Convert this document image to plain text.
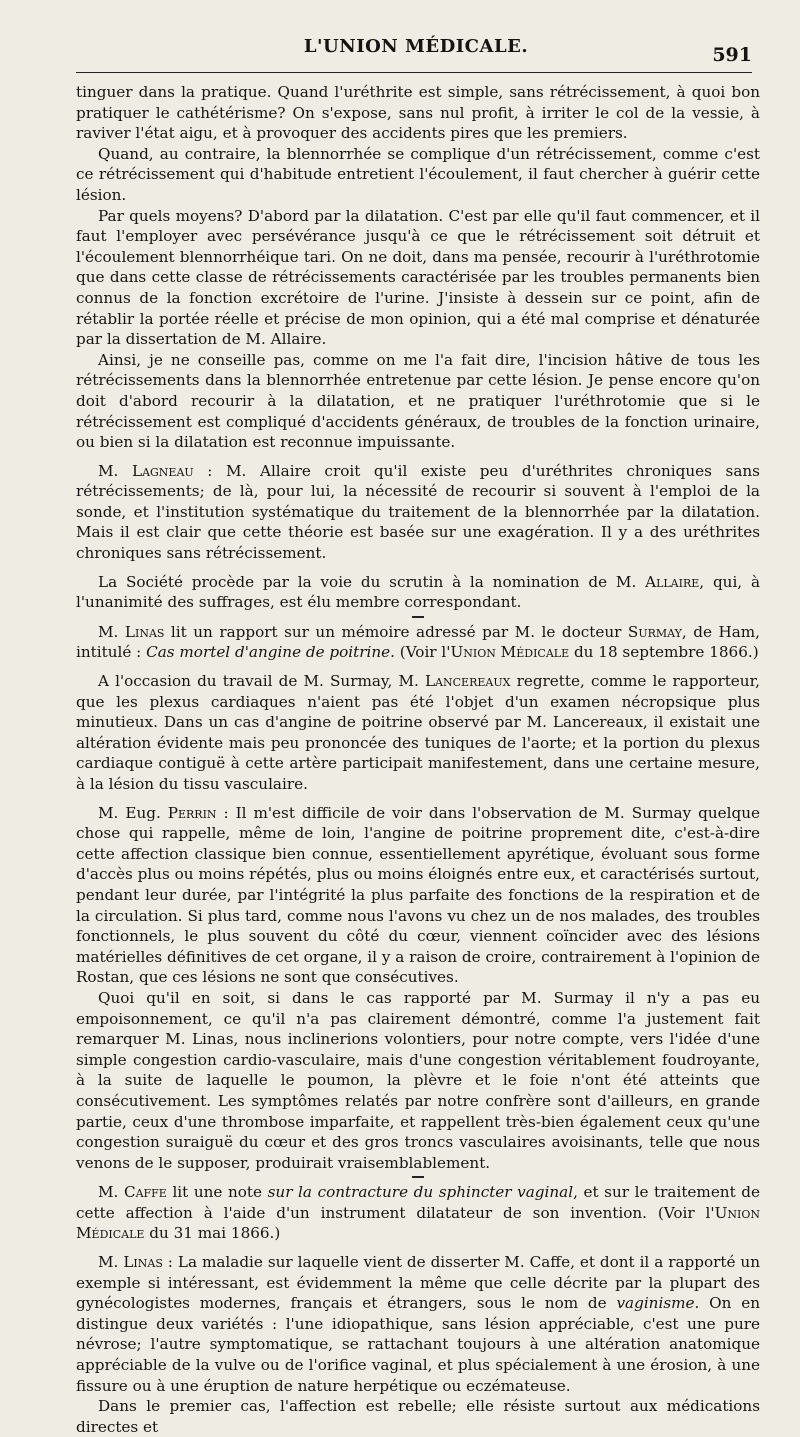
L'UNION MÉDICALE.	591

tinguer dans la pratique. Quand l'uréthrite est simple, sans rétrécissement, à quoi bon pratiquer le cathétérisme? On s'expose, sans nul profit, à irriter le col de la vessie, à raviver l'état aigu, et à provoquer des accidents pires que les premiers.

Quand, au contraire, la blennorrhée se complique d'un rétrécissement, comme c'est ce rétrécissement qui d'habitude entretient l'écoulement, il faut chercher à guérir cette lésion.

Par quels moyens? D'abord par la dilatation. C'est par elle qu'il faut commencer, et il faut l'employer avec persévérance jusqu'à ce que le rétrécissement soit détruit et l'écoulement blennorrhéique tari. On ne doit, dans ma pensée, recourir à l'uréthrotomie que dans cette classe de rétrécissements caractérisée par les troubles permanents bien connus de la fonction excrétoire de l'urine. J'insiste à dessein sur ce point, afin de rétablir la portée réelle et précise de mon opinion, qui a été mal comprise et dénaturée par la dissertation de M. Allaire.

Ainsi, je ne conseille pas, comme on me l'a fait dire, l'incision hâtive de tous les rétrécissements dans la blennorrhée entretenue par cette lésion. Je pense encore qu'on doit d'abord recourir à la dilatation, et ne pratiquer l'uréthrotomie que si le rétrécissement est compliqué d'accidents généraux, de troubles de la fonction urinaire, ou bien si la dilatation est reconnue impuissante.

M. Lagneau : M. Allaire croit qu'il existe peu d'uréthrites chroniques sans rétrécissements; de là, pour lui, la nécessité de recourir si souvent à l'emploi de la sonde, et l'institution systématique du traitement de la blennorrhée par la dilatation. Mais il est clair que cette théorie est basée sur une exagération. Il y a des uréthrites chroniques sans rétrécissement.

La Société procède par la voie du scrutin à la nomination de M. Allaire, qui, à l'unanimité des suffrages, est élu membre correspondant.

M. Linas lit un rapport sur un mémoire adressé par M. le docteur Surmay, de Ham, intitulé : Cas mortel d'angine de poitrine. (Voir l'Union Médicale du 18 septembre 1866.)

A l'occasion du travail de M. Surmay, M. Lancereaux regrette, comme le rapporteur, que les plexus cardiaques n'aient pas été l'objet d'un examen nécropsique plus minutieux. Dans un cas d'angine de poitrine observé par M. Lancereaux, il existait une altération évidente mais peu prononcée des tuniques de l'aorte; et la portion du plexus cardiaque contiguë à cette artère participait manifestement, dans une certaine mesure, à la lésion du tissu vasculaire.

M. Eug. Perrin : Il m'est difficile de voir dans l'observation de M. Surmay quelque chose qui rappelle, même de loin, l'angine de poitrine proprement dite, c'est-à-dire cette affection classique bien connue, essentiellement apyrétique, évoluant sous forme d'accès plus ou moins répétés, plus ou moins éloignés entre eux, et caractérisés surtout, pendant leur durée, par l'intégrité la plus parfaite des fonctions de la respiration et de la circulation. Si plus tard, comme nous l'avons vu chez un de nos malades, des troubles fonctionnels, le plus souvent du côté du cœur, viennent coïncider avec des lésions matérielles définitives de cet organe, il y a raison de croire, contrairement à l'opinion de Rostan, que ces lésions ne sont que consécutives.

Quoi qu'il en soit, si dans le cas rapporté par M. Surmay il n'y a pas eu empoisonnement, ce qu'il n'a pas clairement démontré, comme l'a justement fait remarquer M. Linas, nous inclinerions volontiers, pour notre compte, vers l'idée d'une simple congestion cardio-vasculaire, mais d'une congestion véritablement foudroyante, à la suite de laquelle le poumon, la plèvre et le foie n'ont été atteints que consécutivement. Les symptômes relatés par notre confrère sont d'ailleurs, en grande partie, ceux d'une thrombose imparfaite, et rappellent très-bien également ceux qu'une congestion suraiguë du cœur et des gros troncs vasculaires avoisinants, telle que nous venons de le supposer, produirait vraisemblablement.

M. Caffe lit une note sur la contracture du sphincter vaginal, et sur le traitement de cette affection à l'aide d'un instrument dilatateur de son invention. (Voir l'Union Médicale du 31 mai 1866.)

M. Linas : La maladie sur laquelle vient de disserter M. Caffe, et dont il a rapporté un exemple si intéressant, est évidemment la même que celle décrite par la plupart des gynécologistes modernes, français et étrangers, sous le nom de vaginisme. On en distingue deux variétés : l'une idiopathique, sans lésion appréciable, c'est une pure névrose; l'autre symptomatique, se rattachant toujours à une altération anatomique appréciable de la vulve ou de l'orifice vaginal, et plus spécialement à une érosion, à une fissure ou à une éruption de nature herpétique ou eczémateuse.

Dans le premier cas, l'affection est rebelle; elle résiste surtout aux médications directes et
